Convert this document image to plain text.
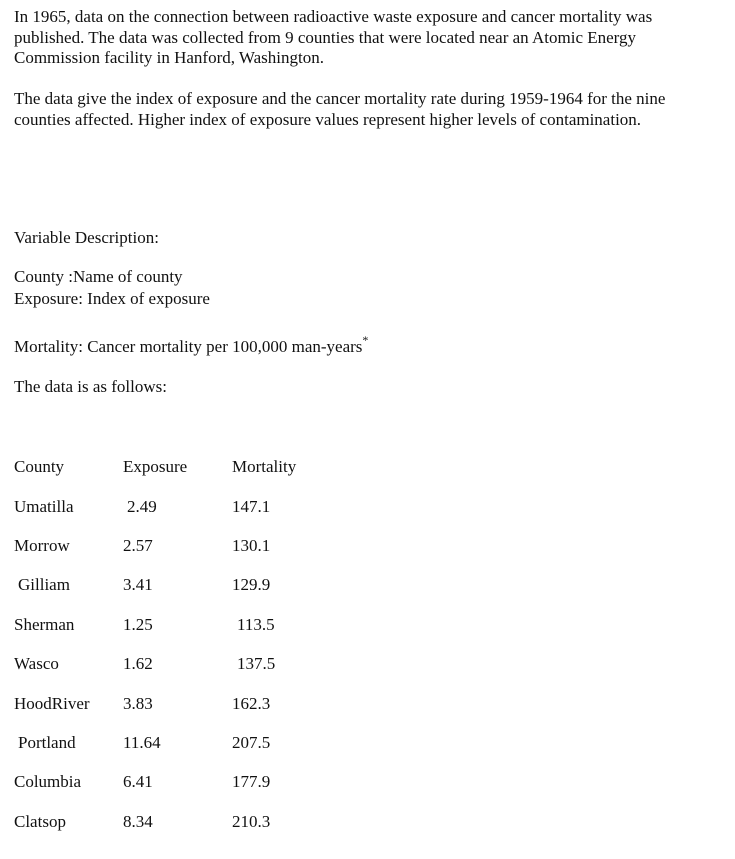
In 1965, data on the connection between radioactive waste exposure and cancer mortality was published. The data was collected from 9 counties that were located near an Atomic Energy Commission facility in Hanford, Washington.
The data give the index of exposure and the cancer mortality rate during 1959-1964 for the nine counties affected. Higher index of exposure values represent higher levels of contamination.
Variable Description:
County :Name of county
Exposure: Index of exposure
Mortality: Cancer mortality per 100,000 man-years*
The data is as follows:
County	Exposure	Mortality
Umatilla	2.49	147.1
Morrow	2.57	130.1
Gilliam	3.41	129.9
Sherman	1.25	113.5
Wasco	1.62	137.5
HoodRiver 3.83	162.3
Portland	11.64	207.5
Columbia 6.41	177.9
Clatsop	8.34	210.3
